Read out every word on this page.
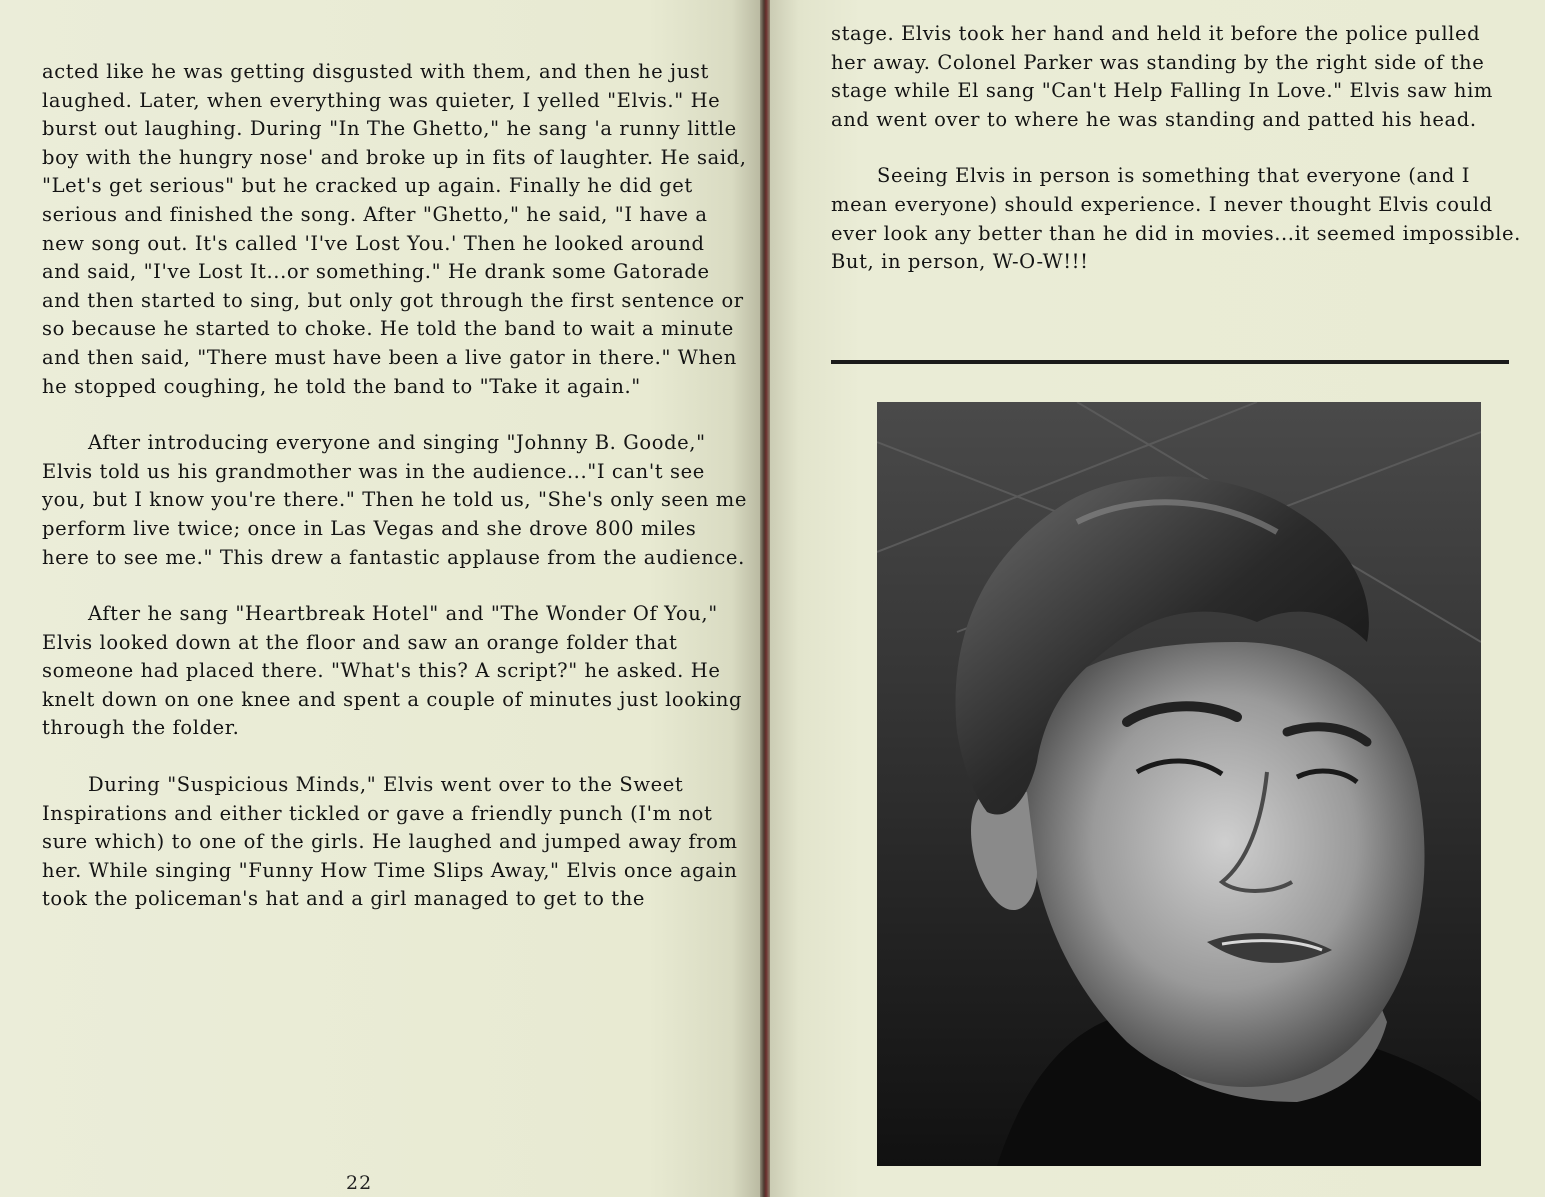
acted like he was getting disgusted with them, and then he just laughed. Later, when everything was quieter, I yelled "Elvis." He burst out laughing. During "In The Ghetto," he sang 'a runny little boy with the hungry nose' and broke up in fits of laughter. He said, "Let's get serious" but he cracked up again. Finally he did get serious and finished the song. After "Ghetto," he said, "I have a new song out. It's called 'I've Lost You.' Then he looked around and said, "I've Lost It...or something." He drank some Gatorade and then started to sing, but only got through the first sentence or so because he started to choke. He told the band to wait a minute and then said, "There must have been a live gator in there." When he stopped coughing, he told the band to "Take it again."

After introducing everyone and singing "Johnny B. Goode," Elvis told us his grandmother was in the audience..."I can't see you, but I know you're there." Then he told us, "She's only seen me perform live twice; once in Las Vegas and she drove 800 miles here to see me." This drew a fantastic applause from the audience.

After he sang "Heartbreak Hotel" and "The Wonder Of You," Elvis looked down at the floor and saw an orange folder that someone had placed there. "What's this? A script?" he asked. He knelt down on one knee and spent a couple of minutes just looking through the folder.

During "Suspicious Minds," Elvis went over to the Sweet Inspirations and either tickled or gave a friendly punch (I'm not sure which) to one of the girls. He laughed and jumped away from her. While singing "Funny How Time Slips Away," Elvis once again took the policeman's hat and a girl managed to get to the

22

stage. Elvis took her hand and held it before the police pulled her away. Colonel Parker was standing by the right side of the stage while El sang "Can't Help Falling In Love." Elvis saw him and went over to where he was standing and patted his head.

Seeing Elvis in person is something that everyone (and I mean everyone) should experience. I never thought Elvis could ever look any better than he did in movies...it seemed impossible. But, in person, W-O-W!!!
